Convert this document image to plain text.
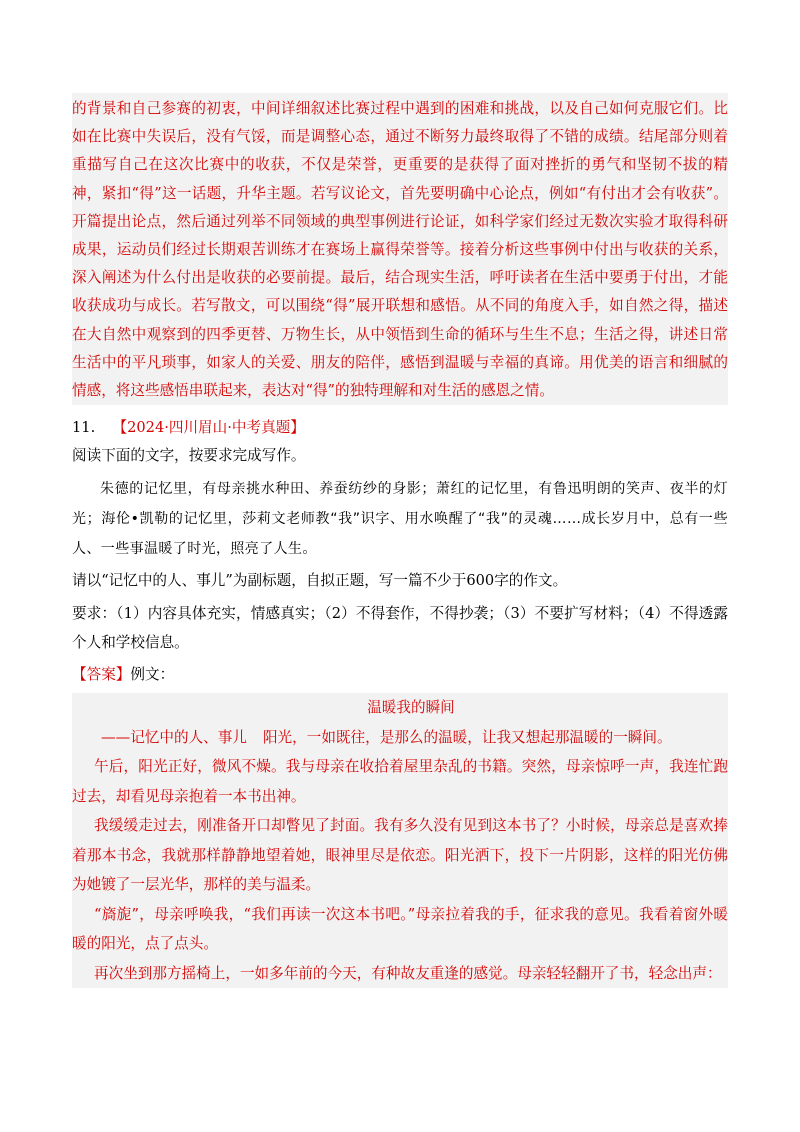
的背景和自己参赛的初衷，中间详细叙述比赛过程中遇到的困难和挑战，以及自己如何克服它们。比如在比赛中失误后，没有气馁，而是调整心态，通过不断努力最终取得了不错的成绩。结尾部分则着重描写自己在这次比赛中的收获，不仅是荣誉，更重要的是获得了面对挫折的勇气和坚韧不拔的精神，紧扣“得”这一话题，升华主题。若写议论文，首先要明确中心论点，例如“有付出才会有收获”。开篇提出论点，然后通过列举不同领域的典型事例进行论证，如科学家们经过无数次实验才取得科研成果，运动员们经过长期艰苦训练才在赛场上赢得荣誉等。接着分析这些事例中付出与收获的关系，深入阐述为什么付出是收获的必要前提。最后，结合现实生活，呼吁读者在生活中要勇于付出，才能收获成功与成长。若写散文，可以围绕“得”展开联想和感悟。从不同的角度入手，如自然之得，描述在大自然中观察到的四季更替、万物生长，从中领悟到生命的循环与生生不息；生活之得，讲述日常生活中的平凡琐事，如家人的关爱、朋友的陪伴，感悟到温暖与幸福的真谛。用优美的语言和细腻的情感，将这些感悟串联起来，表达对“得”的独特理解和对生活的感恩之情。

11. 【2024·四川眉山·中考真题】

阅读下面的文字，按要求完成写作。

朱德的记忆里，有母亲挑水种田、养蚕纺纱的身影；萧红的记忆里，有鲁迅明朗的笑声、夜半的灯光；海伦•凯勒的记忆里，莎莉文老师教“我”识字、用水唤醒了“我”的灵魂……成长岁月中，总有一些人、一些事温暖了时光，照亮了人生。

请以“记忆中的人、事儿”为副标题，自拟正题，写一篇不少于600字的作文。

要求：（1）内容具体充实，情感真实；（2）不得套作，不得抄袭；（3）不要扩写材料；（4）不得透露个人和学校信息。

【答案】例文：

温暖我的瞬间

——记忆中的人、事儿 阳光，一如既往，是那么的温暖，让我又想起那温暖的一瞬间。

午后，阳光正好，微风不燥。我与母亲在收拾着屋里杂乱的书籍。突然，母亲惊呼一声，我连忙跑过去，却看见母亲抱着一本书出神。

我缓缓走过去，刚准备开口却瞥见了封面。我有多久没有见到这本书了？小时候，母亲总是喜欢捧着那本书念，我就那样静静地望着她，眼神里尽是依恋。阳光洒下，投下一片阴影，这样的阳光仿佛为她镀了一层光华，那样的美与温柔。

“旖旎”，母亲呼唤我，“我们再读一次这本书吧。”母亲拉着我的手，征求我的意见。我看着窗外暖暖的阳光，点了点头。

再次坐到那方摇椅上，一如多年前的今天，有种故友重逢的感觉。母亲轻轻翻开了书，轻念出声：
